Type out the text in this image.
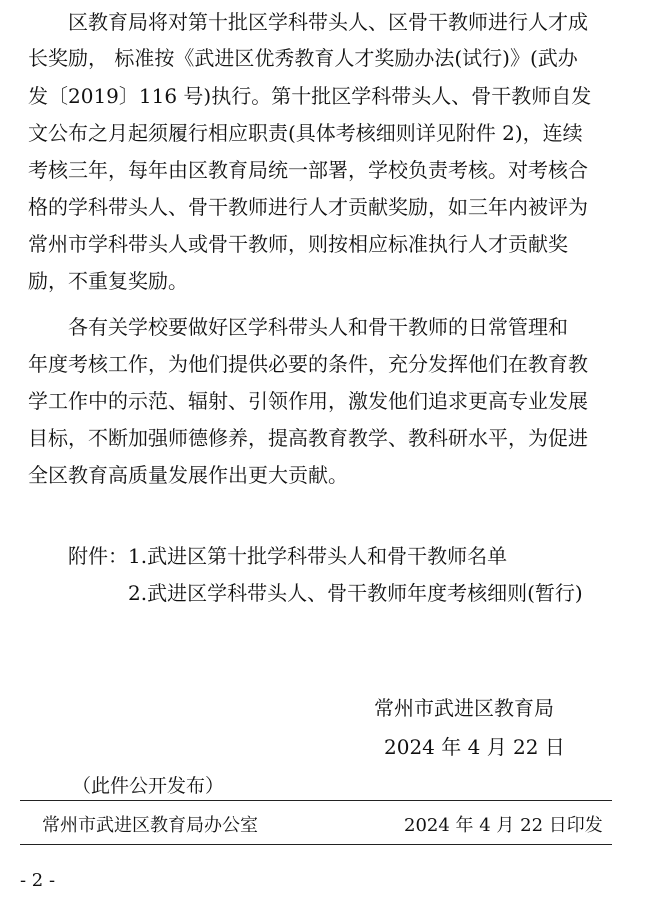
区教育局将对第十批区学科带头人、区骨干教师进行人才成
长奖励， 标准按《武进区优秀教育人才奖励办法(试行)》(武办
发〔2019〕116 号)执行。第十批区学科带头人、骨干教师自发
文公布之月起须履行相应职责(具体考核细则详见附件 2)，连续
考核三年，每年由区教育局统一部署，学校负责考核。对考核合
格的学科带头人、骨干教师进行人才贡献奖励，如三年内被评为
常州市学科带头人或骨干教师，则按相应标准执行人才贡献奖
励，不重复奖励。
各有关学校要做好区学科带头人和骨干教师的日常管理和
年度考核工作，为他们提供必要的条件，充分发挥他们在教育教
学工作中的示范、辐射、引领作用，激发他们追求更高专业发展
目标，不断加强师德修养，提高教育教学、教科研水平，为促进
全区教育高质量发展作出更大贡献。
附件：1.武进区第十批学科带头人和骨干教师名单
2.武进区学科带头人、骨干教师年度考核细则(暂行)
常州市武进区教育局
2024 年 4 月 22 日
（此件公开发布）
常州市武进区教育局办公室	2024 年 4 月 22 日印发
- 2 -
